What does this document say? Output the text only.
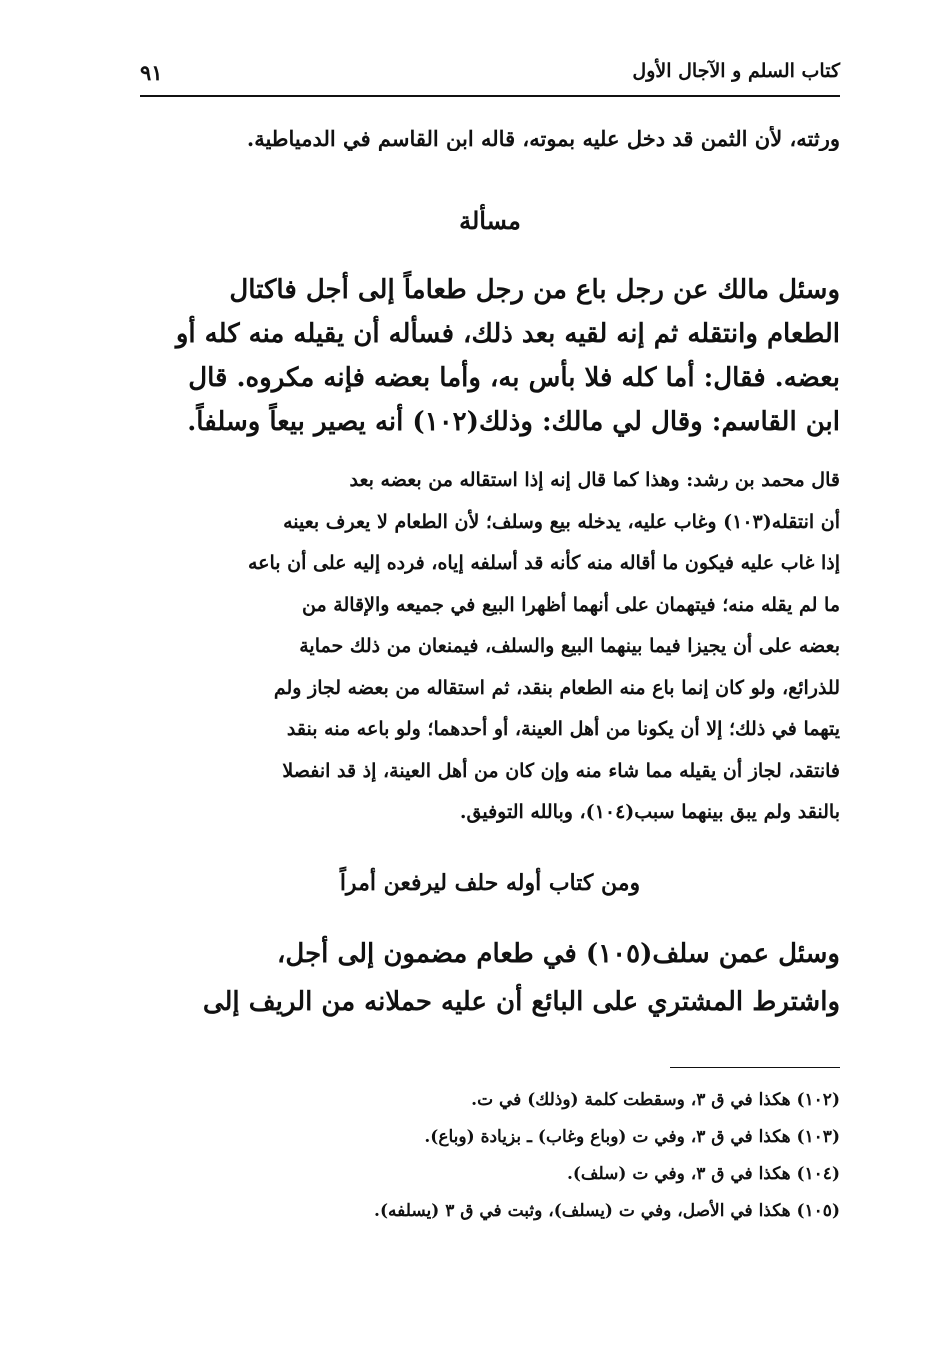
كتاب السلم و الآجال الأول
٩١
ورثته، لأن الثمن قد دخل عليه بموته، قاله ابن القاسم في الدمياطية.
مسألة
وسئل مالك عن رجل باع من رجل طعاماً إلى أجل فاكتال
الطعام وانتقله ثم إنه لقيه بعد ذلك، فسأله أن يقيله منه كله أو
بعضه. فقال: أما كله فلا بأس به، وأما بعضه فإنه مكروه. قال
ابن القاسم: وقال لي مالك: وذلك(١٠٢) أنه يصير بيعاً وسلفاً.
قال محمد بن رشد: وهذا كما قال إنه إذا استقاله من بعضه بعد
أن انتقله(١٠٣) وغاب عليه، يدخله بيع وسلف؛ لأن الطعام لا يعرف بعينه
إذا غاب عليه فيكون ما أقاله منه كأنه قد أسلفه إياه، فرده إليه على أن باعه
ما لم يقله منه؛ فيتهمان على أنهما أظهرا البيع في جميعه والإقالة من
بعضه على أن يجيزا فيما بينهما البيع والسلف، فيمنعان من ذلك حماية
للذرائع، ولو كان إنما باع منه الطعام بنقد، ثم استقاله من بعضه لجاز ولم
يتهما في ذلك؛ إلا أن يكونا من أهل العينة، أو أحدهما؛ ولو باعه منه بنقد
فانتقد، لجاز أن يقيله مما شاء منه وإن كان من أهل العينة، إذ قد انفصلا
بالنقد ولم يبق بينهما سبب(١٠٤)، وبالله التوفيق.
ومن كتاب أوله حلف ليرفعن أمراً
وسئل عمن سلف(١٠٥) في طعام مضمون إلى أجل،
واشترط المشتري على البائع أن عليه حملانه من الريف إلى
(١٠٢) هكذا في ق ٣، وسقطت كلمة (وذلك) في ت.
(١٠٣) هكذا في ق ٣، وفي ت (وباع وغاب) ـ بزيادة (وباع).
(١٠٤) هكذا في ق ٣، وفي ت (سلف).
(١٠٥) هكذا في الأصل، وفي ت (يسلف)، وثبت في ق ٣ (يسلفه).
